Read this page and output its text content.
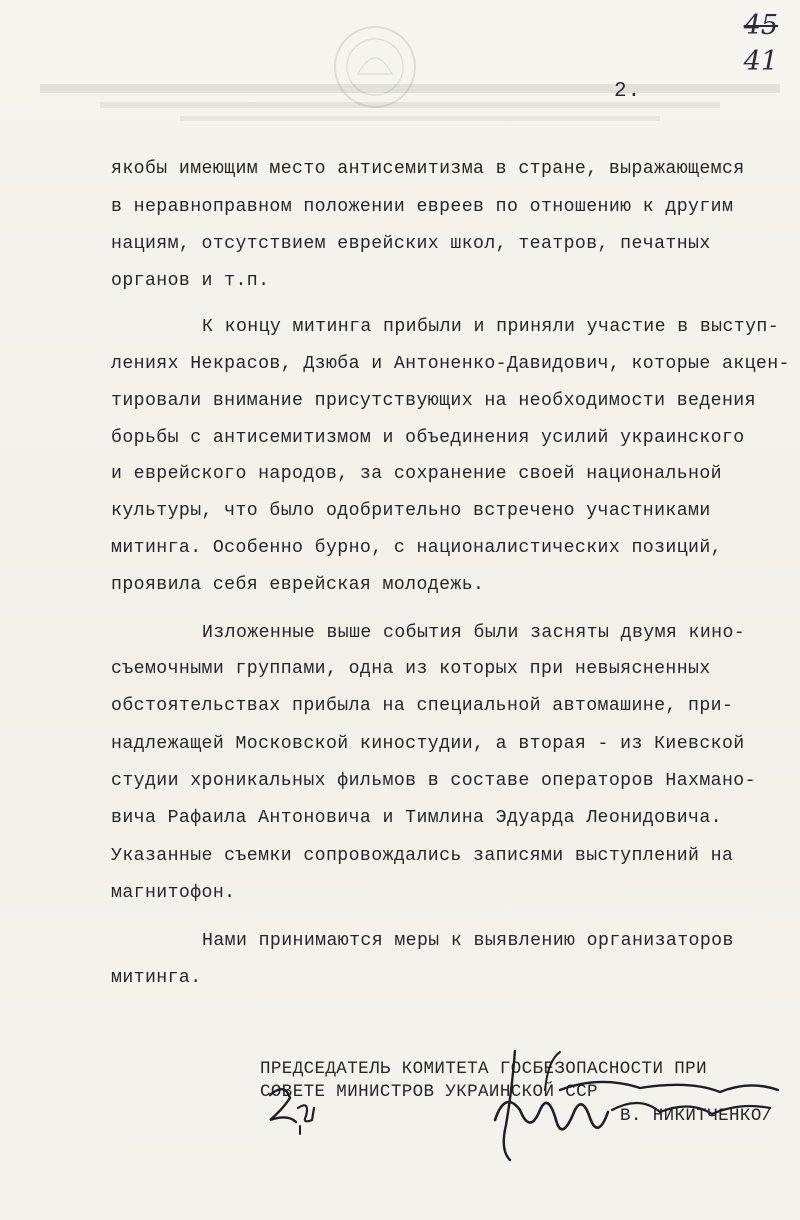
45
41
2.
якобы имеющим место антисемитизма в стране, выражающемся
в неравноправном положении евреев по отношению к другим
нациям, отсутствием еврейских школ, театров, печатных
органов и т.п.
К концу митинга прибыли и приняли участие в выступ-
лениях Некрасов, Дзюба и Антоненко-Давидович, которые акцен-
тировали внимание присутствующих на необходимости ведения
борьбы с антисемитизмом и объединения усилий украинского
и еврейского народов, за сохранение своей национальной
культуры, что было одобрительно встречено участниками
митинга. Особенно бурно, с националистических позиций,
проявила себя еврейская молодежь.
Изложенные выше события были засняты двумя кино-
съемочными группами, одна из которых при невыясненных
обстоятельствах прибыла на специальной автомашине, при-
надлежащей Московской киностудии, а вторая - из Киевской
студии хроникальных фильмов в составе операторов Нахмано-
вича Рафаила Антоновича и Тимлина Эдуарда Леонидовича.
Указанные съемки сопровождались записями выступлений на
магнитофон.
Нами принимаются меры к выявлению организаторов
митинга.
ПРЕДСЕДАТЕЛЬ КОМИТЕТА ГОСБЕЗОПАСНОСТИ ПРИ
СОВЕТЕ МИНИСТРОВ УКРАИНСКОЙ ССР
В. НИКИТЧЕНКО/
